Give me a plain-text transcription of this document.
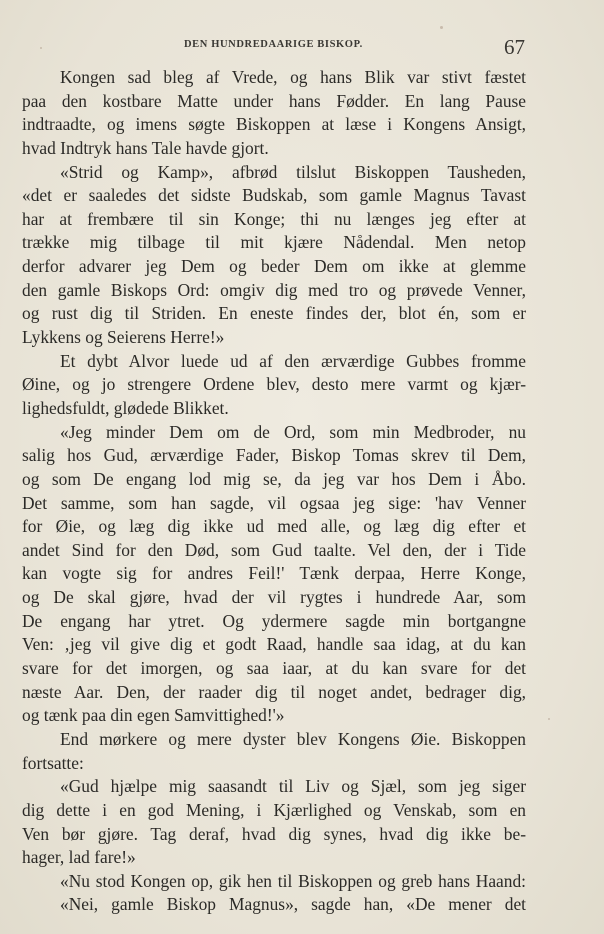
DEN HUNDREDAARIGE BISKOP.	67
Kongen sad bleg af Vrede, og hans Blik var stivt fæstet
paa den kostbare Matte under hans Fødder. En lang Pause
indtraadte, og imens søgte Biskoppen at læse i Kongens Ansigt,
hvad Indtryk hans Tale havde gjort.
«Strid og Kamp», afbrød tilslut Biskoppen Tausheden,
«det er saaledes det sidste Budskab, som gamle Magnus Tavast
har at frembære til sin Konge; thi nu længes jeg efter at
trække mig tilbage til mit kjære Nådendal. Men netop
derfor advarer jeg Dem og beder Dem om ikke at glemme
den gamle Biskops Ord: omgiv dig med tro og prøvede Venner,
og rust dig til Striden. En eneste findes der, blot én, som er
Lykkens og Seierens Herre!»
Et dybt Alvor luede ud af den ærværdige Gubbes fromme
Øine, og jo strengere Ordene blev, desto mere varmt og kjær-
lighedsfuldt, glødede Blikket.
«Jeg minder Dem om de Ord, som min Medbroder, nu
salig hos Gud, ærværdige Fader, Biskop Tomas skrev til Dem,
og som De engang lod mig se, da jeg var hos Dem i Åbo.
Det samme, som han sagde, vil ogsaa jeg sige: 'hav Venner
for Øie, og læg dig ikke ud med alle, og læg dig efter et
andet Sind for den Død, som Gud taalte. Vel den, der i Tide
kan vogte sig for andres Feil!' Tænk derpaa, Herre Konge,
og De skal gjøre, hvad der vil rygtes i hundrede Aar, som
De engang har ytret. Og ydermere sagde min bortgangne
Ven: ‚jeg vil give dig et godt Raad, handle saa idag, at du kan
svare for det imorgen, og saa iaar, at du kan svare for det
næste Aar. Den, der raader dig til noget andet, bedrager dig,
og tænk paa din egen Samvittighed!'»
End mørkere og mere dyster blev Kongens Øie. Biskoppen
fortsatte:
«Gud hjælpe mig saasandt til Liv og Sjæl, som jeg siger
dig dette i en god Mening, i Kjærlighed og Venskab, som en
Ven bør gjøre. Tag deraf, hvad dig synes, hvad dig ikke be-
hager, lad fare!»
«Nu stod Kongen op, gik hen til Biskoppen og greb hans Haand:
«Nei, gamle Biskop Magnus», sagde han, «De mener det
